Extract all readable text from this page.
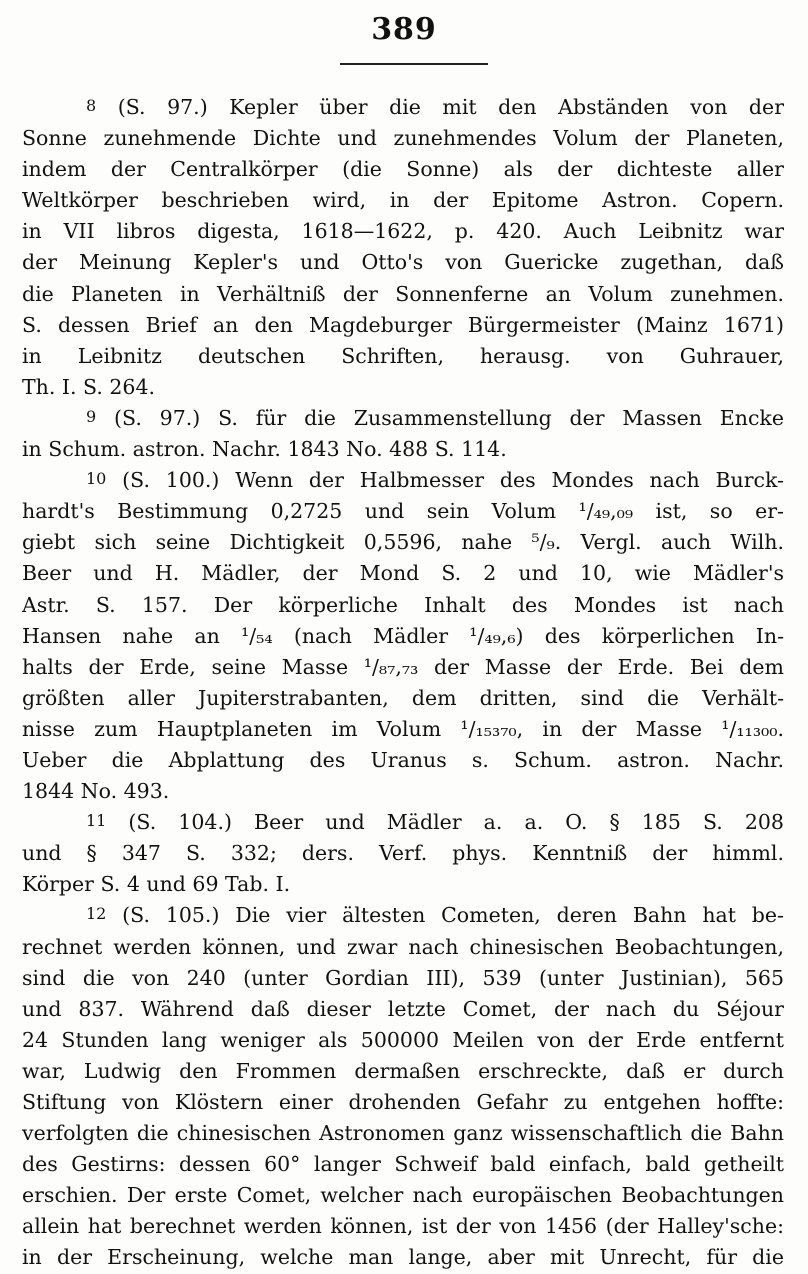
389
$^8$ (S. 97.) Kepler über die mit den Abständen von der
Sonne zunehmende Dichte und zunehmendes Volum der Planeten,
indem der Centralkörper (die Sonne) als der dichteste aller
Weltkörper beschrieben wird, in der Epitome Astron. Copern.
in VII libros digesta, 1618—1622, p. 420. Auch Leibnitz war
der Meinung Kepler's und Otto's von Guericke zugethan, daß
die Planeten in Verhältniß der Sonnenferne an Volum zunehmen.
S. dessen Brief an den Magdeburger Bürgermeister (Mainz 1671)
in Leibnitz deutschen Schriften, herausg. von Guhrauer,
Th. I. S. 264.
$^9$ (S. 97.) S. für die Zusammenstellung der Massen Encke
in Schum. astron. Nachr. 1843 No. 488 S. 114.
$^{10}$ (S. 100.) Wenn der Halbmesser des Mondes nach Burck-
hardt's Bestimmung 0,2725 und sein Volum ¹/₄₉,₀₉ ist, so er-
giebt sich seine Dichtigkeit 0,5596, nahe ⁵/₉. Vergl. auch Wilh.
Beer und H. Mädler, der Mond S. 2 und 10, wie Mädler's
Astr. S. 157. Der körperliche Inhalt des Mondes ist nach
Hansen nahe an ¹/₅₄ (nach Mädler ¹/₄₉,₆) des körperlichen In-
halts der Erde, seine Masse ¹/₈₇,₇₃ der Masse der Erde. Bei dem
größten aller Jupiterstrabanten, dem dritten, sind die Verhält-
nisse zum Hauptplaneten im Volum ¹/₁₅₃₇₀, in der Masse ¹/₁₁₃₀₀.
Ueber die Abplattung des Uranus s. Schum. astron. Nachr.
1844 No. 493.
$^{11}$ (S. 104.) Beer und Mädler a. a. O. § 185 S. 208
und § 347 S. 332; ders. Verf. phys. Kenntniß der himml.
Körper S. 4 und 69 Tab. I.
$^{12}$ (S. 105.) Die vier ältesten Cometen, deren Bahn hat be-
rechnet werden können, und zwar nach chinesischen Beobachtungen,
sind die von 240 (unter Gordian III), 539 (unter Justinian), 565
und 837. Während daß dieser letzte Comet, der nach du Séjour
24 Stunden lang weniger als 500000 Meilen von der Erde entfernt
war, Ludwig den Frommen dermaßen erschreckte, daß er durch
Stiftung von Klöstern einer drohenden Gefahr zu entgehen hoffte:
verfolgten die chinesischen Astronomen ganz wissenschaftlich die Bahn
des Gestirns: dessen 60° langer Schweif bald einfach, bald getheilt
erschien. Der erste Comet, welcher nach europäischen Beobachtungen
allein hat berechnet werden können, ist der von 1456 (der Halley'sche:
in der Erscheinung, welche man lange, aber mit Unrecht, für die
